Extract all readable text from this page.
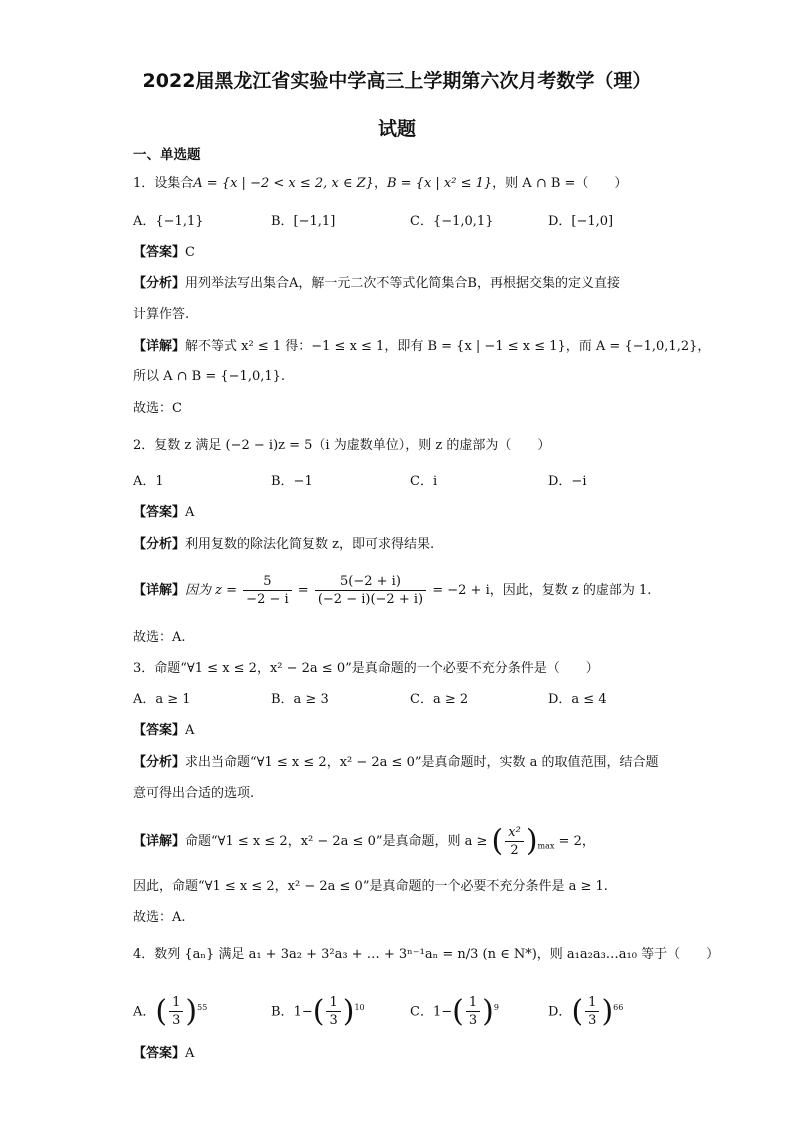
2022届黑龙江省实验中学高三上学期第六次月考数学（理）
试题
一、单选题
1．设集合A = {x | −2 < x ≤ 2, x ∈ Z}，B = {x | x² ≤ 1}，则 A ∩ B =（　　）
A．{−1,1}	B．[−1,1]	C．{−1,0,1}	D．[−1,0]
【答案】C
【分析】用列举法写出集合A，解一元二次不等式化简集合B，再根据交集的定义直接
计算作答.
【详解】解不等式 x² ≤ 1 得：−1 ≤ x ≤ 1，即有 B = {x | −1 ≤ x ≤ 1}，而 A = {−1,0,1,2}，
所以 A ∩ B = {−1,0,1}.
故选：C
2．复数 z 满足 (−2 − i)z = 5（i 为虚数单位），则 z 的虚部为（　　）
A．1	B．−1	C．i	D．−i
【答案】A
【分析】利用复数的除法化简复数 z，即可求得结果.
【详解】因为 $z = \frac{5}{-2 - i} = \frac{5(-2 + i)}{(-2 - i)(-2 + i)} = -2 + i$，因此，复数 z 的虚部为 1.
故选：A.
3．命题“∀1 ≤ x ≤ 2，x² − 2a ≤ 0”是真命题的一个必要不充分条件是（　　）
A．a ≥ 1	B．a ≥ 3	C．a ≥ 2	D．a ≤ 4
【答案】A
【分析】求出当命题“∀1 ≤ x ≤ 2，x² − 2a ≤ 0”是真命题时，实数 a 的取值范围，结合题
意可得出合适的选项.
【详解】命题“∀1 ≤ x ≤ 2，x² − 2a ≤ 0”是真命题，则 a ≥ ( $\frac{\text{x²}}{2} )_{max} = 2$，
因此，命题“∀1 ≤ x ≤ 2，x² − 2a ≤ 0”是真命题的一个必要不充分条件是 a ≥ 1.
故选：A.
4．数列 {aₙ} 满足 a₁ + 3a₂ + 3²a₃ + … + 3ⁿ⁻¹aₙ = n/3 (n ∈ N*)，则 a₁a₂a₃…a₁₀ 等于（　　）
A．( $\frac{1}{3} )^{55}$	B．$1-( \frac{1}{3} )^{10}$	C．$1-( \frac{1}{3} )^9$	D．( $\frac{1}{3} )^{66}$
【答案】A
